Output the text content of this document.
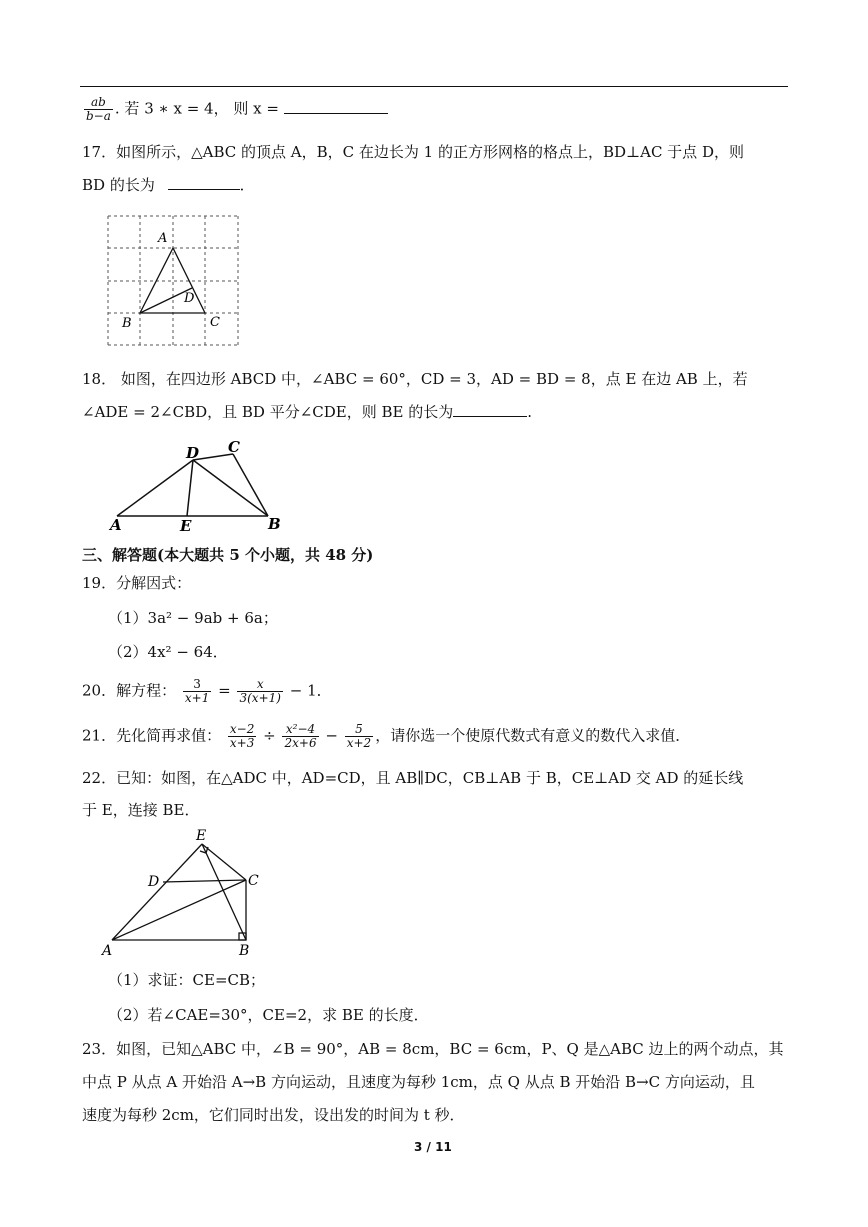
$\frac{ab}{b-a}$ . 若 3 ∗ x = 4， 则 x =
17．如图所示，△ABC 的顶点 A，B，C 在边长为 1 的正方形网格的格点上，BD⊥AC 于点 D，则
BD 的长为	．
A
B	C
D
18． 如图，在四边形 ABCD 中，∠ABC = 60°，CD = 3，AD = BD = 8，点 E 在边 AB 上，若
∠ADE = 2∠CBD，且 BD 平分∠CDE，则 BE 的长为	.
A	B
C
D
E
三、解答题(本大题共 5 个小题，共 48 分)
19．分解因式：
（1）3a² − 9ab + 6a；
（2）4x² − 64．
20．解方程： $\frac{3}{x+1} = \frac{x}{3(x+1)} - 1$．
21．先化简再求值： $\frac{x-2}{x+3} \div \frac{\text{x²−4}}{2x+6} - \frac{5}{x+2}$ ，请你选一个使原代数式有意义的数代入求值．
22．已知：如图，在△ADC 中，AD=CD，且 AB∥DC，CB⊥AB 于 B，CE⊥AD 交 AD 的延长线
于 E，连接 BE．
A	B
C
D
E
（1）求证：CE=CB；
（2）若∠CAE=30°，CE=2，求 BE 的长度．
23．如图，已知△ABC 中，∠B = 90°，AB = 8cm，BC = 6cm，P、Q 是△ABC 边上的两个动点，其
中点 P 从点 A 开始沿 A→B 方向运动，且速度为每秒 1cm，点 Q 从点 B 开始沿 B→C 方向运动，且
速度为每秒 2cm，它们同时出发，设出发的时间为 t 秒．
3 / 11
